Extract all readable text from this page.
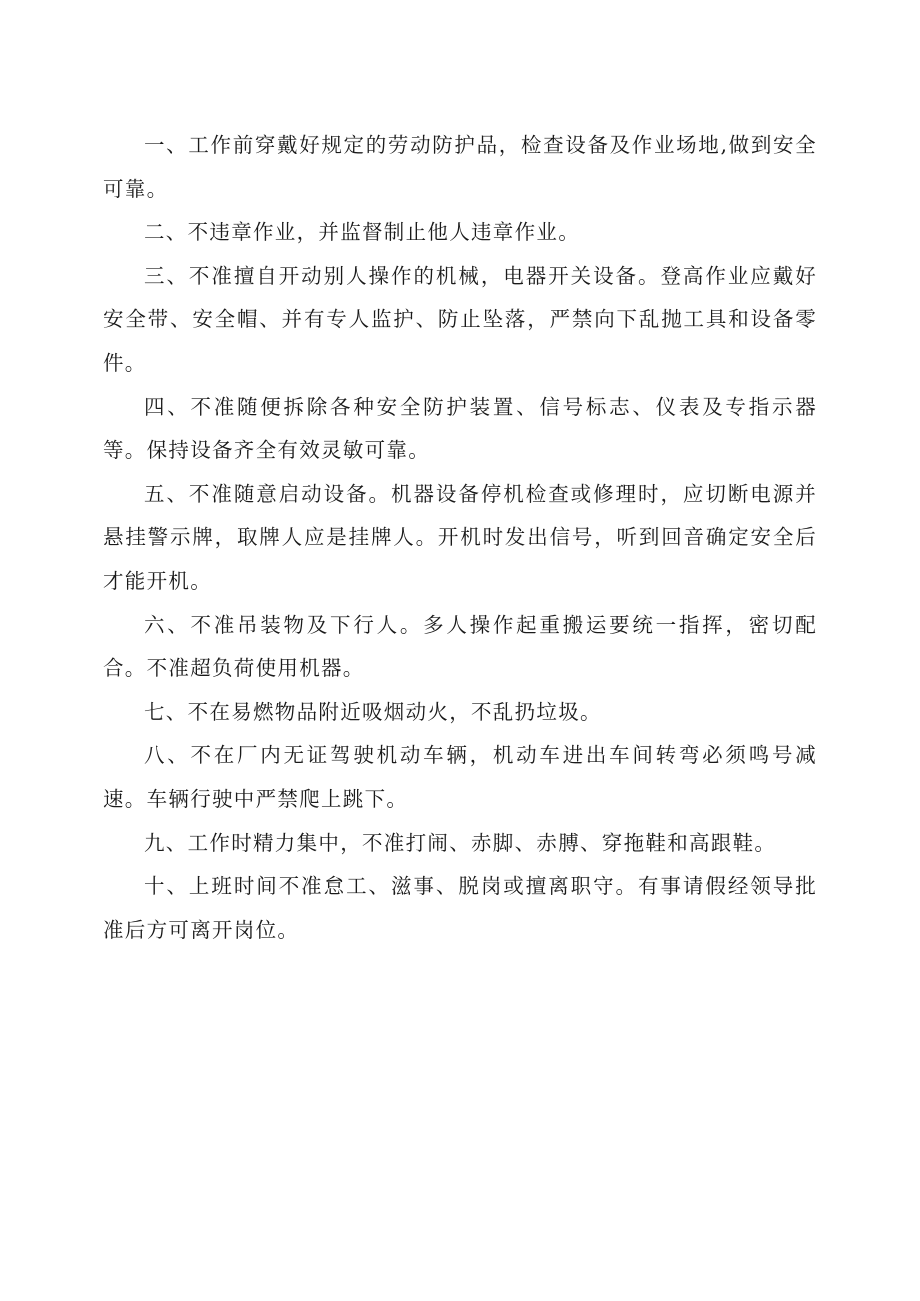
一、工作前穿戴好规定的劳动防护品，检查设备及作业场地,做到安全可靠。

二、不违章作业，并监督制止他人违章作业。

三、不准擅自开动别人操作的机械，电器开关设备。登高作业应戴好安全带、安全帽、并有专人监护、防止坠落，严禁向下乱抛工具和设备零件。

四、不准随便拆除各种安全防护装置、信号标志、仪表及专指示器等。保持设备齐全有效灵敏可靠。

五、不准随意启动设备。机器设备停机检查或修理时，应切断电源并悬挂警示牌，取牌人应是挂牌人。开机时发出信号，听到回音确定安全后才能开机。

六、不准吊装物及下行人。多人操作起重搬运要统一指挥，密切配合。不准超负荷使用机器。

七、不在易燃物品附近吸烟动火，不乱扔垃圾。

八、不在厂内无证驾驶机动车辆，机动车进出车间转弯必须鸣号减速。车辆行驶中严禁爬上跳下。

九、工作时精力集中，不准打闹、赤脚、赤膊、穿拖鞋和高跟鞋。

十、上班时间不准怠工、滋事、脱岗或擅离职守。有事请假经领导批准后方可离开岗位。
